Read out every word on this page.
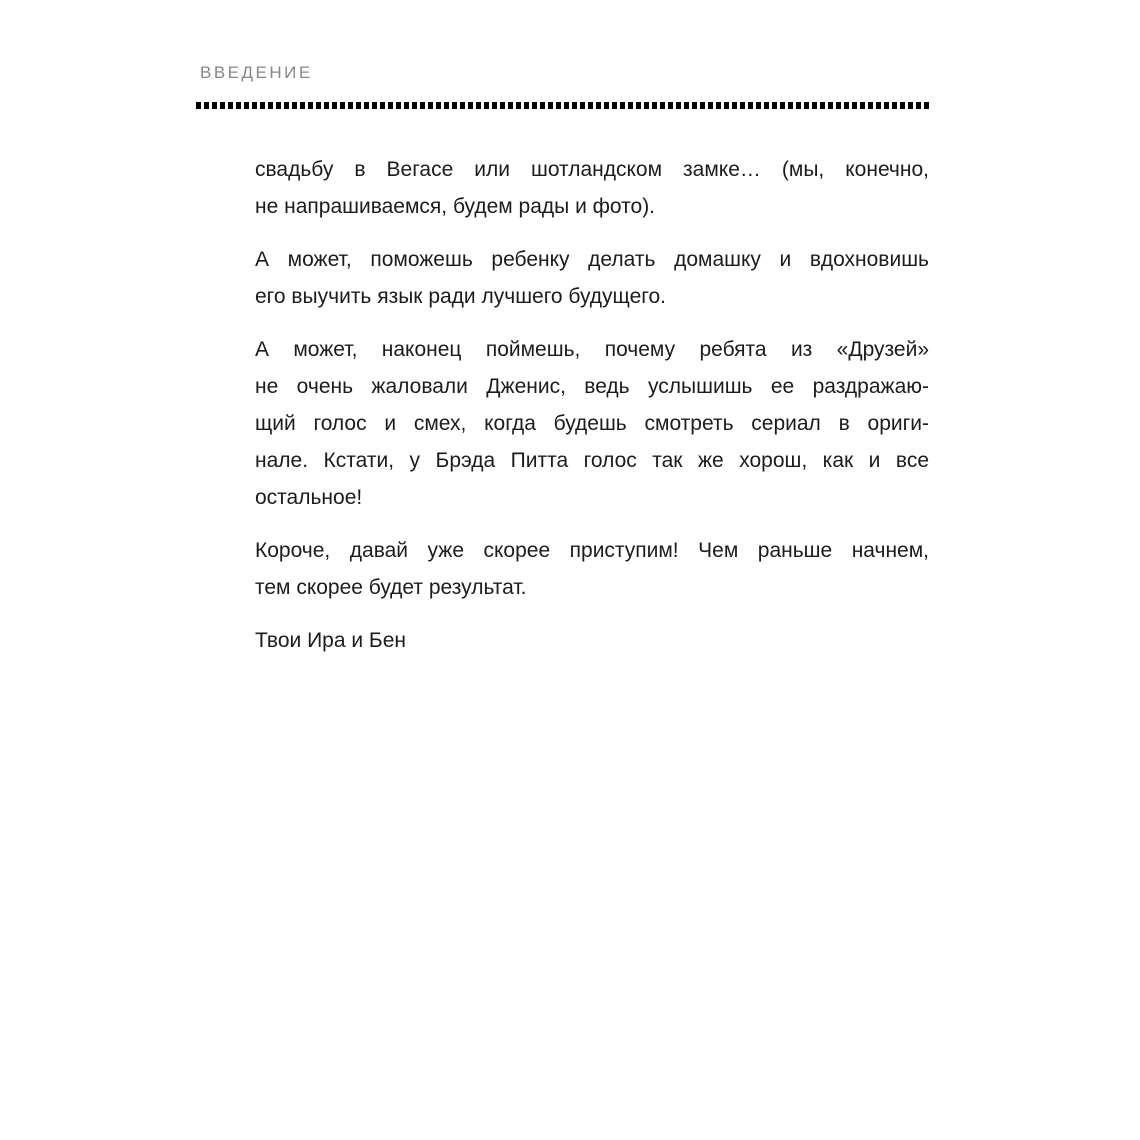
ВВЕДЕНИЕ
свадьбу в Вегасе или шотландском замке… (мы, конечно,
не напрашиваемся, будем рады и фото).
А может, поможешь ребенку делать домашку и вдохновишь
его выучить язык ради лучшего будущего.
А может, наконец поймешь, почему ребята из «Друзей»
не очень жаловали Дженис, ведь услышишь ее раздражаю-
щий голос и смех, когда будешь смотреть сериал в ориги-
нале. Кстати, у Брэда Питта голос так же хорош, как и все
остальное!
Короче, давай уже скорее приступим! Чем раньше начнем,
тем скорее будет результат.
Твои Ира и Бен
